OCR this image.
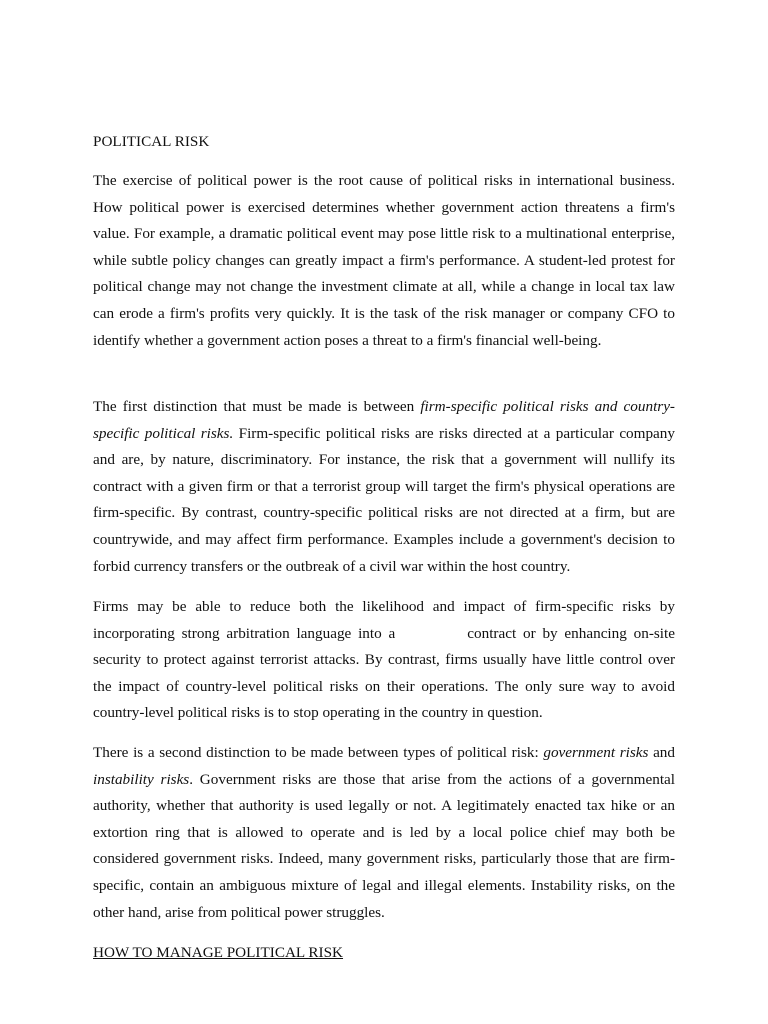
POLITICAL RISK

The exercise of political power is the root cause of political risks in international business. How political power is exercised determines whether government action threatens a firm's value. For example, a dramatic political event may pose little risk to a multinational enterprise, while subtle policy changes can greatly impact a firm's performance. A student-led protest for political change may not change the investment climate at all, while a change in local tax law can erode a firm's profits very quickly. It is the task of the risk manager or company CFO to identify whether a government action poses a threat to a firm's financial well-being.

The first distinction that must be made is between firm-specific political risks and country-specific political risks. Firm-specific political risks are risks directed at a particular company and are, by nature, discriminatory. For instance, the risk that a government will nullify its contract with a given firm or that a terrorist group will target the firm's physical operations are firm-specific. By contrast, country-specific political risks are not directed at a firm, but are countrywide, and may affect firm performance. Examples include a government's decision to forbid currency transfers or the outbreak of a civil war within the host country.

Firms may be able to reduce both the likelihood and impact of firm-specific risks by incorporating strong arbitration language into a	contract or by enhancing on-site security to protect against terrorist attacks. By contrast, firms usually have little control over the impact of country-level political risks on their operations. The only sure way to avoid country-level political risks is to stop operating in the country in question.

There is a second distinction to be made between types of political risk: government risks and instability risks. Government risks are those that arise from the actions of a governmental authority, whether that authority is used legally or not. A legitimately enacted tax hike or an extortion ring that is allowed to operate and is led by a local police chief may both be considered government risks. Indeed, many government risks, particularly those that are firm-specific, contain an ambiguous mixture of legal and illegal elements. Instability risks, on the other hand, arise from political power struggles.

HOW TO MANAGE POLITICAL RISK
